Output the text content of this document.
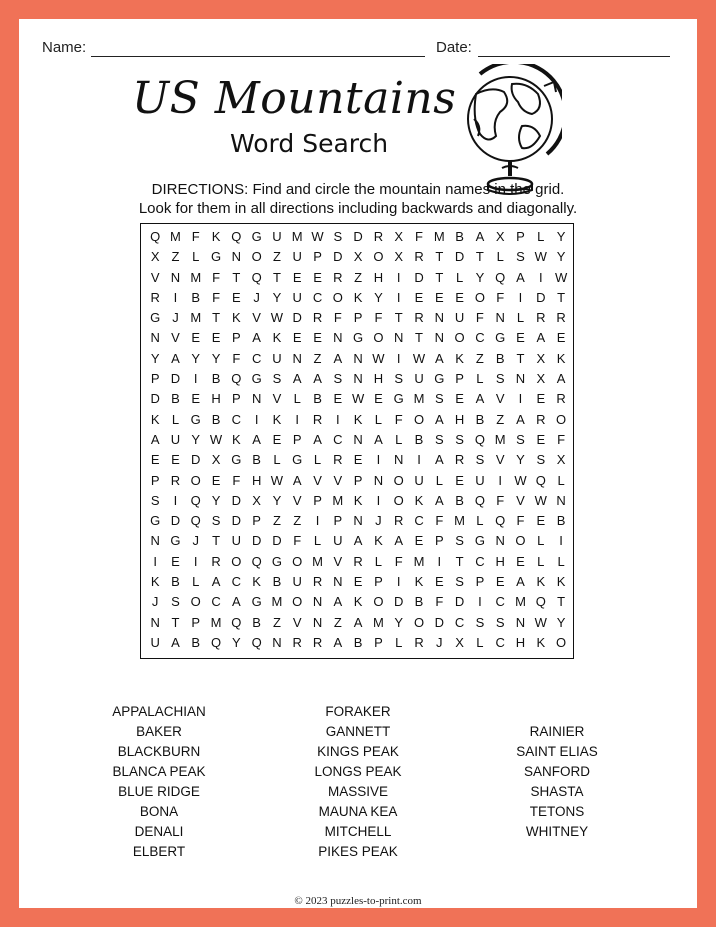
Name:	Date:
US Mountains
Word Search
DIRECTIONS: Find and circle the mountain names in the grid.
Look for them in all directions including backwards and diagonally.
Q M F K Q G U M W S D R X F M B A X P L Y
X Z L G N O Z U P D X O X R T D T L S W Y
V N M F T Q T E E R Z H	I	D T L Y Q A	I W
R	I	B F E J Y U C O K Y	I	E E E O F	I	D T
G J M T K V W D R F P F T R N U F N L R R
N V E E P A K E E N G O N T N O C G E A E
Y A Y Y F C U N Z A N W I W A K Z B T X K
P D	I	B Q G S A A S N H S U G P L S N X A
D B E H P N V L B E W E G M S E A V	I	E R
K L G B C	I	K	I	R	I	K L F O A H B Z A R O
A U Y W K A E P A C N A L B S S Q M S E F
E E D X G B L G L R E	I	N	I	A R S V Y S X
P R O E F H W A V V P N O U L E U	I W Q L
S	I	Q Y D X Y V P M K	I	O K A B Q F V W N
G D Q S D P Z Z	I	P N J R C F M L Q F E B
N G J	T U D D F L U A K A E P S G N O L	I
I	E	I	R O Q G O M V R L F M	I	T C H E L	L
K B L A C K B U R N E P	I	K E S P E A K K
J S O C A G M O N A K O D B F D	I	C M Q T
N T P M Q B Z V N Z A M Y O D C S S N W Y
U A B Q Y Q N R R A B P L R J X L C H K O
APPALACHIAN
BAKER
BLACKBURN
BLANCA PEAK
BLUE RIDGE
BONA
DENALI
ELBERT
FORAKER
GANNETT
KINGS PEAK
LONGS PEAK
MASSIVE
MAUNA KEA
MITCHELL
PIKES PEAK
RAINIER
SAINT ELIAS
SANFORD
SHASTA
TETONS
WHITNEY
© 2023 puzzles-to-print.com
